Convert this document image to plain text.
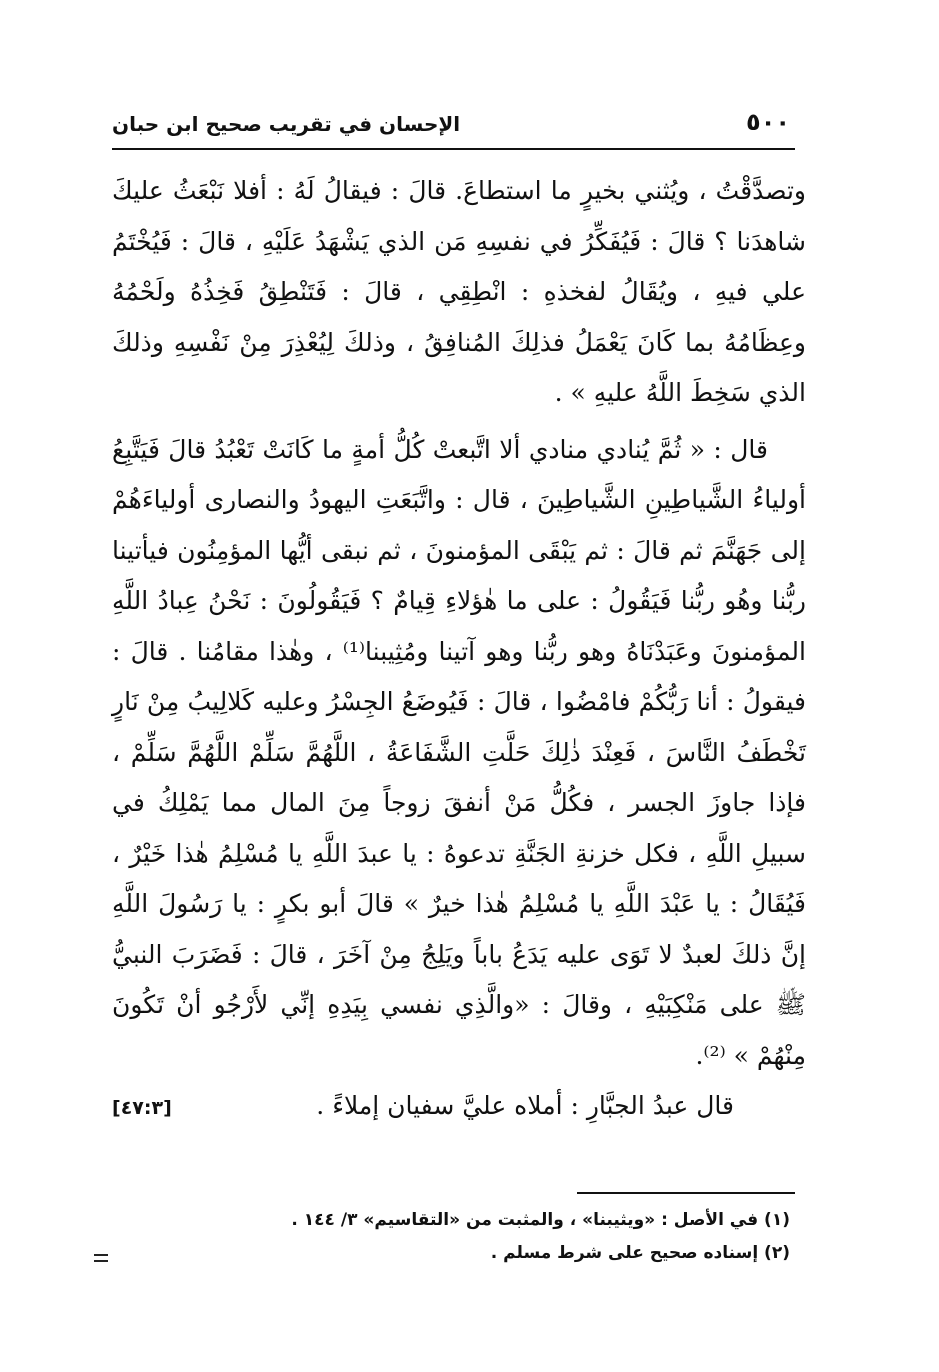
٥٠٠
الإحسان في تقريب صحيح ابن حبان

وتصدَّقْتُ ، ويُثني بخيرٍ ما استطاعَ. قالَ : فيقالُ لَهُ : أفلا نَبْعَثُ عليكَ شاهدَنا ؟ قالَ : فَيُفَكِّرُ في نفسِهِ مَن الذي يَشْهَدُ عَلَيْهِ ، قالَ : فَيُخْتَمُ علي فيهِ ، ويُقَالُ لفخذهِ : انْطِقِي ، قالَ : فَتَنْطِقُ فَخِذُهُ ولَحْمُهُ وعِظَامُهُ بما كَانَ يَعْمَلُ فذلِكَ المُنافِقُ ، وذلكَ لِيُعْذِرَ مِنْ نَفْسِهِ وذلكَ الذي سَخِطَ اللَّهُ عليهِ » .

قال : « ثُمَّ يُنادي منادي ألا اتَّبعتْ كُلُّ أمةٍ ما كَانَتْ تَعْبُدُ قالَ فَيَتَّبِعُ أولياءُ الشَّياطِينِ الشَّياطِينَ ، قال : واتَّبَعَتِ اليهودُ والنصارى أولياءَهُمْ إلى جَهَنَّمَ ثم قالَ : ثم يَبْقَى المؤمنونَ ، ثم نبقى أيُّها المؤمِنُون فيأتينا ربُّنا وهُو ربُّنا فَيَقُولُ : على ما هٰؤلاءِ قِيامٌ ؟ فَيَقُولُونَ : نَحْنُ عِبادُ اللَّهِ المؤمنونَ وعَبَدْنَاهُ وهو ربُّنا وهو آتينا ومُثِيبنا⁽¹⁾ ، وهٰذا مقامُنا . قالَ : فيقولُ : أنا رَبُّكُمْ فامْضُوا ، قالَ : فَيُوضَعُ الجِسْرُ وعليه كَلالِيبُ مِنْ نَارٍ تَخْطَفُ النَّاسَ ، فَعِنْدَ ذٰلِكَ حَلَّتِ الشَّفَاعَةُ ، اللَّهُمَّ سَلِّمْ اللَّهُمَّ سَلِّمْ ، فإذا جاوزَ الجسر ، فكُلُّ مَنْ أنفقَ زوجاً مِنَ المال مما يَمْلِكُ في سبيلِ اللَّهِ ، فكل خزنةِ الجَنَّةِ تدعوهُ : يا عبدَ اللَّهِ يا مُسْلِمُ هٰذا خَيْرٌ ، فَيُقَالُ : يا عَبْدَ اللَّهِ يا مُسْلِمُ هٰذا خيرٌ » قالَ أبو بكرٍ : يا رَسُولَ اللَّهِ إنَّ ذلكَ لعبدٌ لا تَوَى عليه يَدَعُ باباً ويَلِجُ مِنْ آخَرَ ، قالَ : فَضَرَبَ النبيُّ ﷺ على مَنْكِبَيْهِ ، وقالَ : «والَّذِي نفسي بِيَدِهِ إنِّي لأَرْجُو أنْ تَكُونَ مِنْهُمْ » ⁽²⁾.

قال عبدُ الجبَّارِ : أملاه عليَّ سفيان إملاءً .
[٤٧:٣]

(١) في الأصل : «ويثيبنا» ، والمثبت من «التقاسيم» ٣/ ١٤٤ .

(٢) إسناده صحيح على شرط مسلم .
